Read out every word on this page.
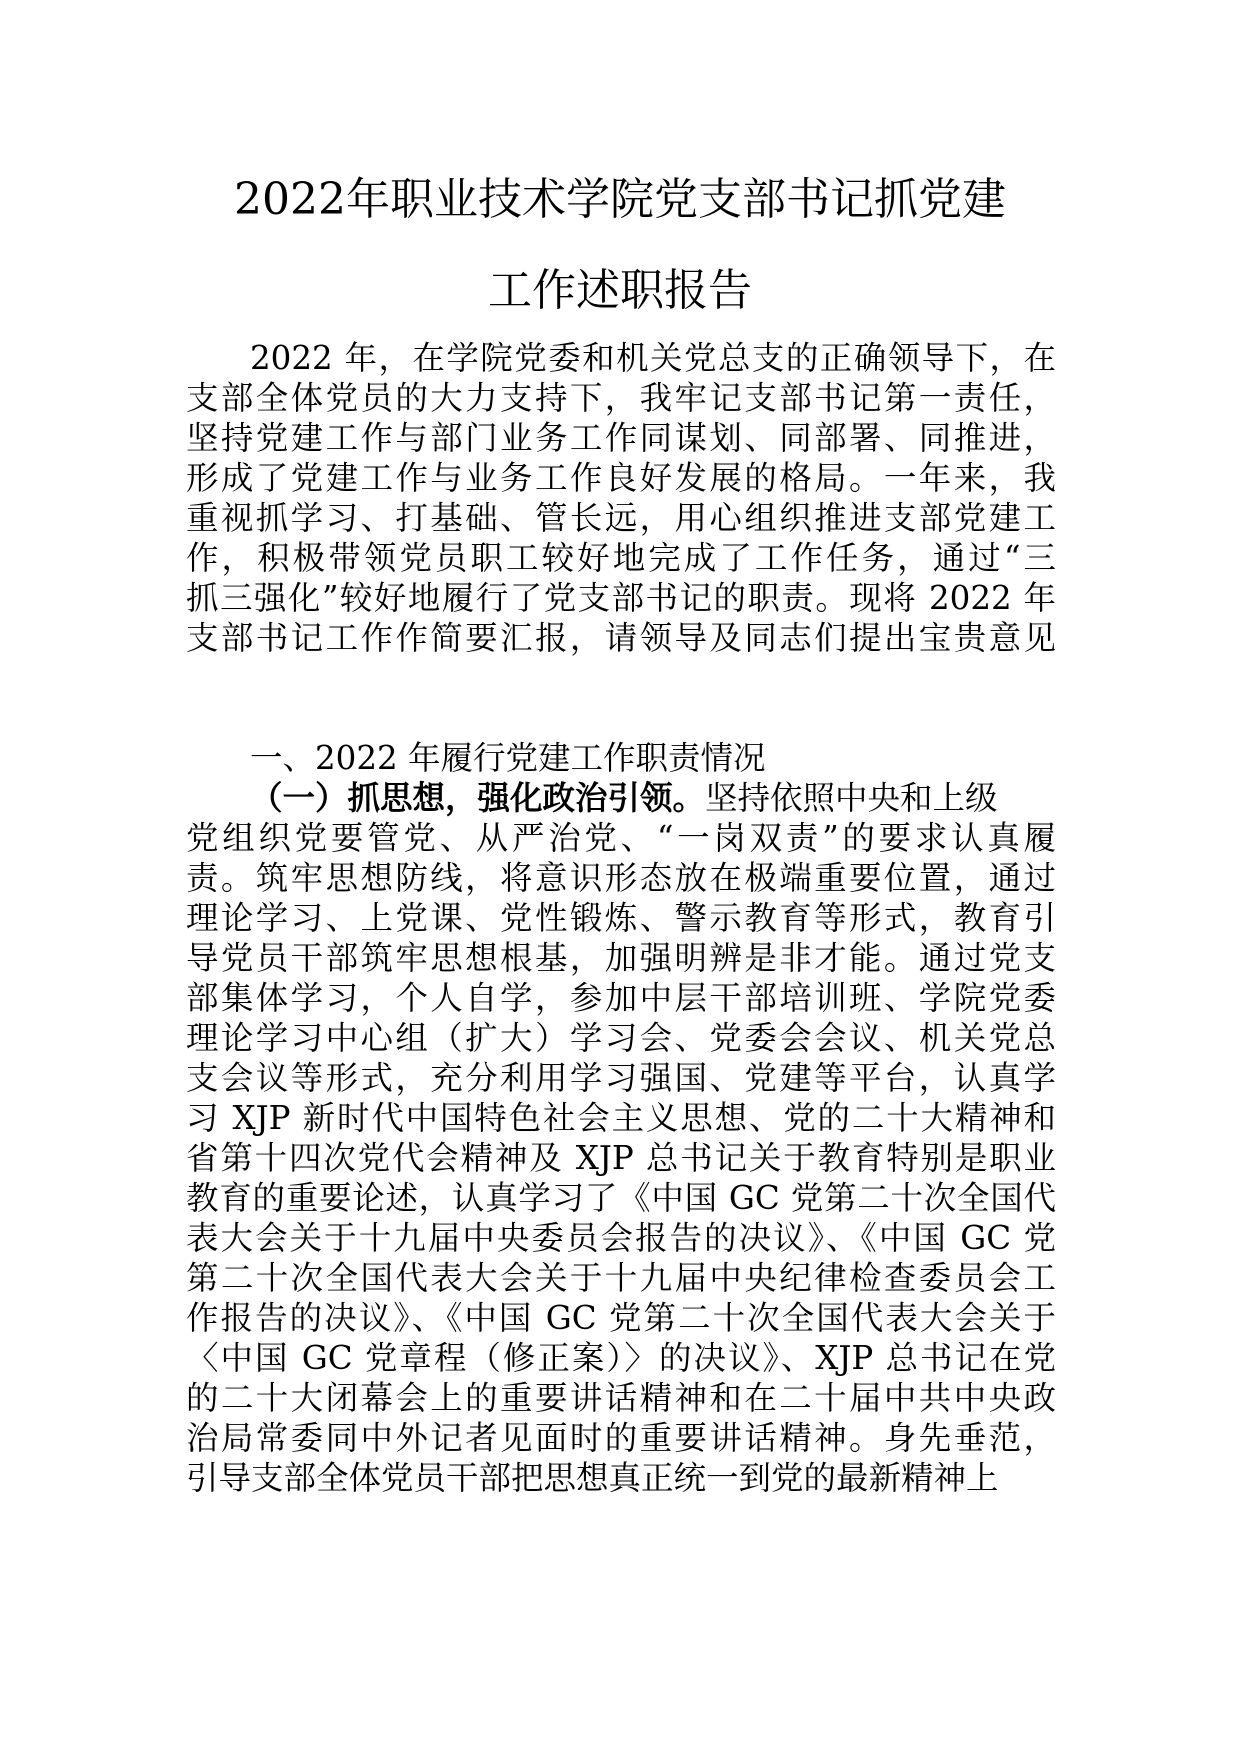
2022年职业技术学院党支部书记抓党建
工作述职报告
2022 年，在学院党委和机关党总支的正确领导下，在
支部全体党员的大力支持下，我牢记支部书记第一责任，
坚持党建工作与部门业务工作同谋划、同部署、同推进，
形成了党建工作与业务工作良好发展的格局。一年来，我
重视抓学习、打基础、管长远，用心组织推进支部党建工
作，积极带领党员职工较好地完成了工作任务，通过“三
抓三强化”较好地履行了党支部书记的职责。现将 2022 年
支部书记工作作简要汇报，请领导及同志们提出宝贵意见
一、2022 年履行党建工作职责情况
（一）抓思想，强化政治引领。坚持依照中央和上级
党组织党要管党、从严治党、“一岗双责”的要求认真履
责。筑牢思想防线，将意识形态放在极端重要位置，通过
理论学习、上党课、党性锻炼、警示教育等形式，教育引
导党员干部筑牢思想根基，加强明辨是非才能。通过党支
部集体学习，个人自学，参加中层干部培训班、学院党委
理论学习中心组（扩大）学习会、党委会会议、机关党总
支会议等形式，充分利用学习强国、党建等平台，认真学
习 XJP 新时代中国特色社会主义思想、党的二十大精神和
省第十四次党代会精神及 XJP 总书记关于教育特别是职业
教育的重要论述，认真学习了《中国 GC 党第二十次全国代
表大会关于十九届中央委员会报告的决议》、《中国 GC 党
第二十次全国代表大会关于十九届中央纪律检查委员会工
作报告的决议》、《中国 GC 党第二十次全国代表大会关于
〈中国 GC 党章程（修正案）〉的决议》、XJP 总书记在党
的二十大闭幕会上的重要讲话精神和在二十届中共中央政
治局常委同中外记者见面时的重要讲话精神。身先垂范，
引导支部全体党员干部把思想真正统一到党的最新精神上
